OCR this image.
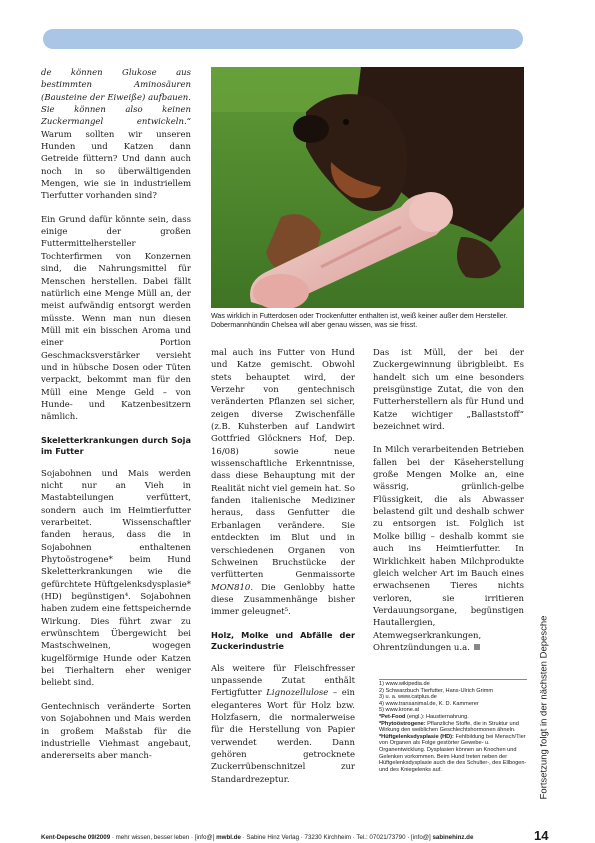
de können Glukose aus bestimmten Aminosäuren (Bausteine der Eiweiße) aufbauen. Sie können also keinen Zuckermangel entwickeln.“ Warum sollten wir unseren Hunden und Katzen dann Getreide füttern? Und dann auch noch in so überwältigenden Mengen, wie sie in industriellem Tierfutter vorhanden sind?

Ein Grund dafür könnte sein, dass einige der großen Futtermittelhersteller Tochterfirmen von Konzernen sind, die Nahrungsmittel für Menschen herstellen. Dabei fällt natürlich eine Menge Müll an, der meist aufwändig entsorgt werden müsste. Wenn man nun diesen Müll mit ein bisschen Aroma und einer Portion Geschmacksverstärker versieht und in hübsche Dosen oder Tüten verpackt, bekommt man für den Müll eine Menge Geld – von Hunde- und Katzenbesitzern nämlich.

Skeletterkrankungen durch Soja im Futter

Sojabohnen und Mais werden nicht nur an Vieh in Mastabteilungen verfüttert, sondern auch im Heimtierfutter verarbeitet. Wissenschaftler fanden heraus, dass die in Sojabohnen enthaltenen Phytoöstrogene* beim Hund Skeletterkrankungen wie die gefürchtete Hüftgelenksdysplasie* (HD) begünstigen⁴. Sojabohnen haben zudem eine fettspeichernde Wirkung. Dies führt zwar zu erwünschtem Übergewicht bei Mastschweinen, wogegen kugelförmige Hunde oder Katzen bei Tierhaltern eher weniger beliebt sind.

Gentechnisch veränderte Sorten von Sojabohnen und Mais werden in großem Maßstab für die industrielle Viehmast angebaut, andererseits aber manch-

Was wirklich in Futterdosen oder Trockenfutter enthalten ist, weiß keiner außer dem Hersteller. Dobermannhündin Chelsea will aber genau wissen, was sie frisst.

mal auch ins Futter von Hund und Katze gemischt. Obwohl stets behauptet wird, der Verzehr von gentechnisch veränderten Pflanzen sei sicher, zeigen diverse Zwischenfälle (z.B. Kuhsterben auf Landwirt Gottfried Glöckners Hof, Dep. 16/08) sowie neue wissenschaftliche Erkenntnisse, dass diese Behauptung mit der Realität nicht viel gemein hat. So fanden italienische Mediziner heraus, dass Genfutter die Erbanlagen verändere. Sie entdeckten im Blut und in verschiedenen Organen von Schweinen Bruchstücke der verfütterten Genmaissorte MON810. Die Genlobby hatte diese Zusammenhänge bisher immer geleugnet⁵.

Holz, Molke und Abfälle der Zuckerindustrie

Als weitere für Fleischfresser unpassende Zutat enthält Fertigfutter Lignozellulose – ein eleganteres Wort für Holz bzw. Holzfasern, die normalerweise für die Herstellung von Papier verwendet werden. Dann gehören getrocknete Zuckerrübenschnitzel zur Standardrezeptur.

Das ist Müll, der bei der Zuckergewinnung übrigbleibt. Es handelt sich um eine besonders preisgünstige Zutat, die von den Futterherstellern als für Hund und Katze wichtiger „Ballaststoff“ bezeichnet wird.

In Milch verarbeitenden Betrieben fallen bei der Käseherstellung große Mengen Molke an, eine wässrig, grünlich-gelbe Flüssigkeit, die als Abwasser belastend gilt und deshalb schwer zu entsorgen ist. Folglich ist Molke billig – deshalb kommt sie auch ins Heimtierfutter. In Wirklichkeit haben Milchprodukte gleich welcher Art im Bauch eines erwachsenen Tieres nichts verloren, sie irritieren Verdauungsorgane, begünstigen Hautallergien, Atemwegserkrankungen, Ohrentzündungen u.a.

1) www.wikipedia.de
2) Schwarzbuch Tierfutter, Hans-Ulrich Grimm
3) u. a. www.catplus.de
4) www.transanimal.de, K. D. Kammerer
5) www.krone.at
*Pet-Food (engl.): Haustiernahrung.
*Phytoöstrogene: Pflanzliche Stoffe, die in Struktur und Wirkung den weiblichen Geschlechtshormonen ähneln.
*Hüftgelenksdysplasie (HD): Fehlbildung bei Mensch/Tier von Organen als Folge gestörter Gewebe- u. Organentwicklung. Dysplasien können an Knochen und Gelenken vorkommen. Beim Hund treten neben der Hüftgelenksdysplasie auch die des Schulter-, des Ellbogen- und des Kniegelenks auf.	Fortsetzung folgt in der nächsten Depesche
Kent-Depesche 09/2009 · mehr wissen, besser leben · [info@] mwbl.de · Sabine Hinz Verlag · 73230 Kirchheim · Tel.: 07021/73790 · [info@] sabinehinz.de	14
